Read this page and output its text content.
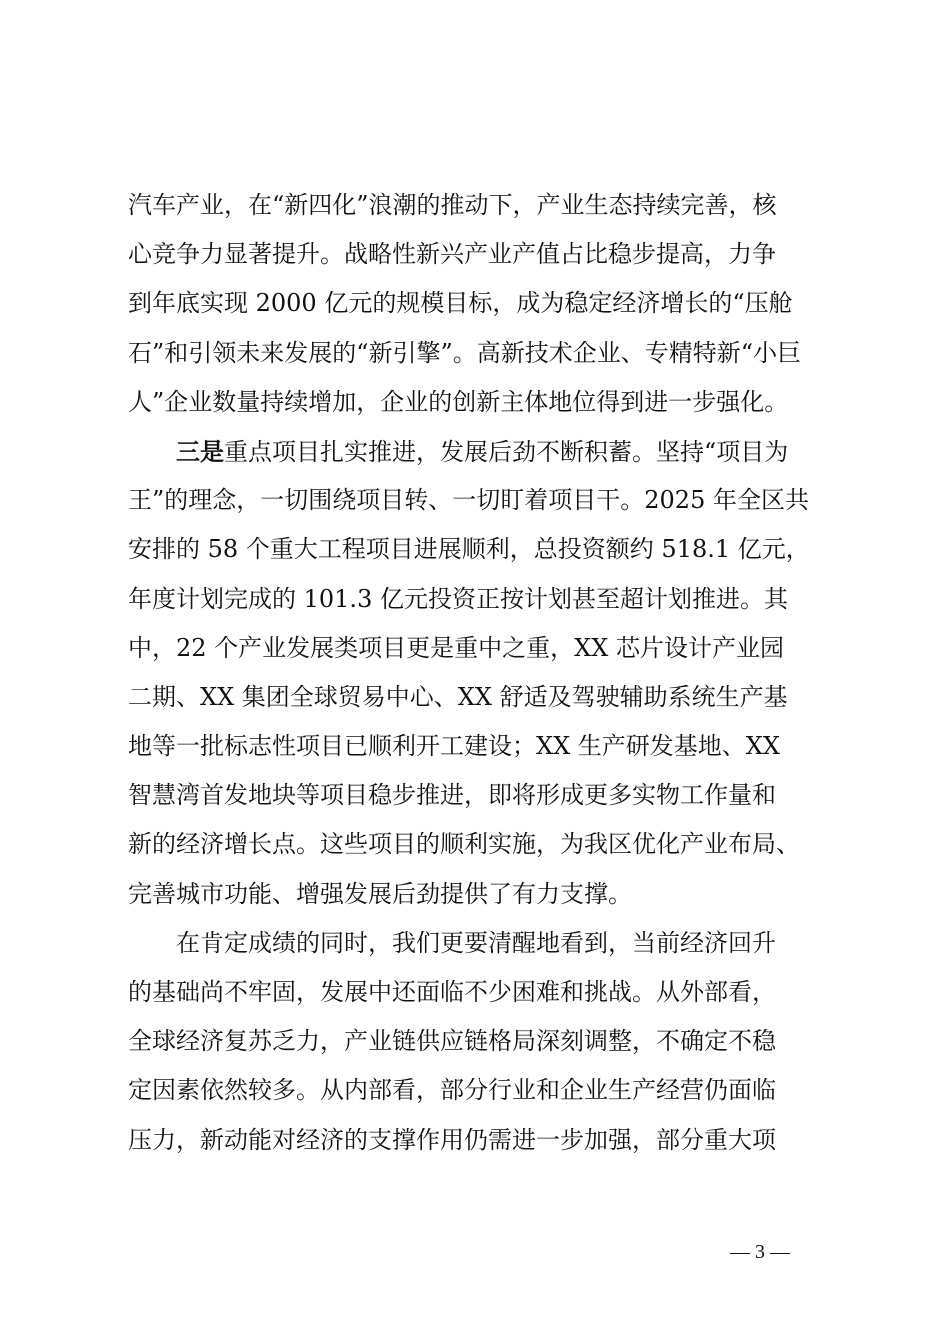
汽车产业，在“新四化”浪潮的推动下，产业生态持续完善，核
心竞争力显著提升。战略性新兴产业产值占比稳步提高，力争
到年底实现 2000 亿元的规模目标，成为稳定经济增长的“压舱
石”和引领未来发展的“新引擎”。高新技术企业、专精特新“小巨
人”企业数量持续增加，企业的创新主体地位得到进一步强化。
三是重点项目扎实推进，发展后劲不断积蓄。坚持“项目为
王”的理念，一切围绕项目转、一切盯着项目干。2025 年全区共
安排的 58 个重大工程项目进展顺利，总投资额约 518.1 亿元，
年度计划完成的 101.3 亿元投资正按计划甚至超计划推进。其
中，22 个产业发展类项目更是重中之重，XX 芯片设计产业园
二期、XX 集团全球贸易中心、XX 舒适及驾驶辅助系统生产基
地等一批标志性项目已顺利开工建设；XX 生产研发基地、XX
智慧湾首发地块等项目稳步推进，即将形成更多实物工作量和
新的经济增长点。这些项目的顺利实施，为我区优化产业布局、
完善城市功能、增强发展后劲提供了有力支撑。
在肯定成绩的同时，我们更要清醒地看到，当前经济回升
的基础尚不牢固，发展中还面临不少困难和挑战。从外部看，
全球经济复苏乏力，产业链供应链格局深刻调整，不确定不稳
定因素依然较多。从内部看，部分行业和企业生产经营仍面临
压力，新动能对经济的支撑作用仍需进一步加强，部分重大项
— 3 —
